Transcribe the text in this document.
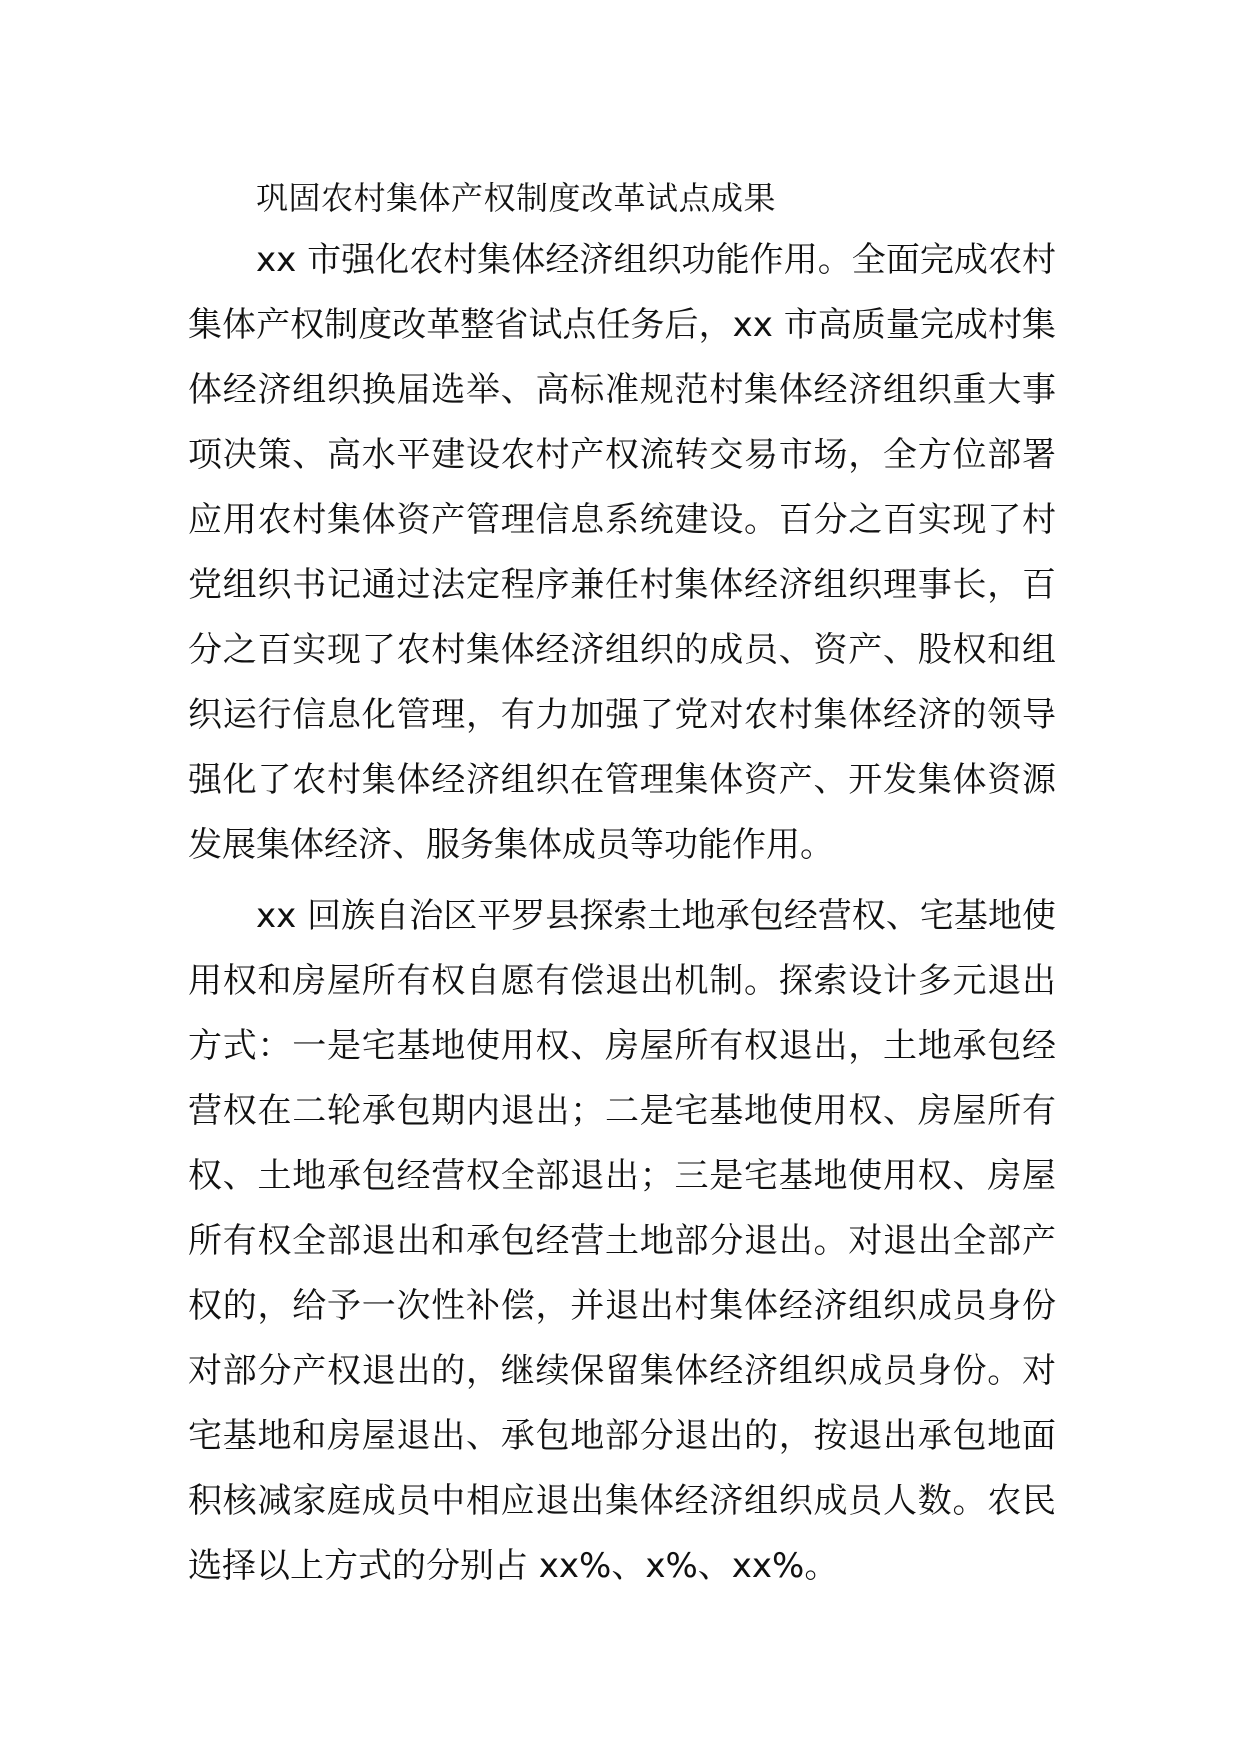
巩固农村集体产权制度改革试点成果

xx 市强化农村集体经济组织功能作用。全面完成农村集体产权制度改革整省试点任务后，xx 市高质量完成村集体经济组织换届选举、高标准规范村集体经济组织重大事项决策、高水平建设农村产权流转交易市场，全方位部署应用农村集体资产管理信息系统建设。百分之百实现了村党组织书记通过法定程序兼任村集体经济组织理事长，百分之百实现了农村集体经济组织的成员、资产、股权和组织运行信息化管理，有力加强了党对农村集体经济的领导强化了农村集体经济组织在管理集体资产、开发集体资源发展集体经济、服务集体成员等功能作用。

xx 回族自治区平罗县探索土地承包经营权、宅基地使用权和房屋所有权自愿有偿退出机制。探索设计多元退出方式：一是宅基地使用权、房屋所有权退出，土地承包经营权在二轮承包期内退出；二是宅基地使用权、房屋所有权、土地承包经营权全部退出；三是宅基地使用权、房屋所有权全部退出和承包经营土地部分退出。对退出全部产权的，给予一次性补偿，并退出村集体经济组织成员身份对部分产权退出的，继续保留集体经济组织成员身份。对宅基地和房屋退出、承包地部分退出的，按退出承包地面积核减家庭成员中相应退出集体经济组织成员人数。农民选择以上方式的分别占 xx%、x%、xx%。
